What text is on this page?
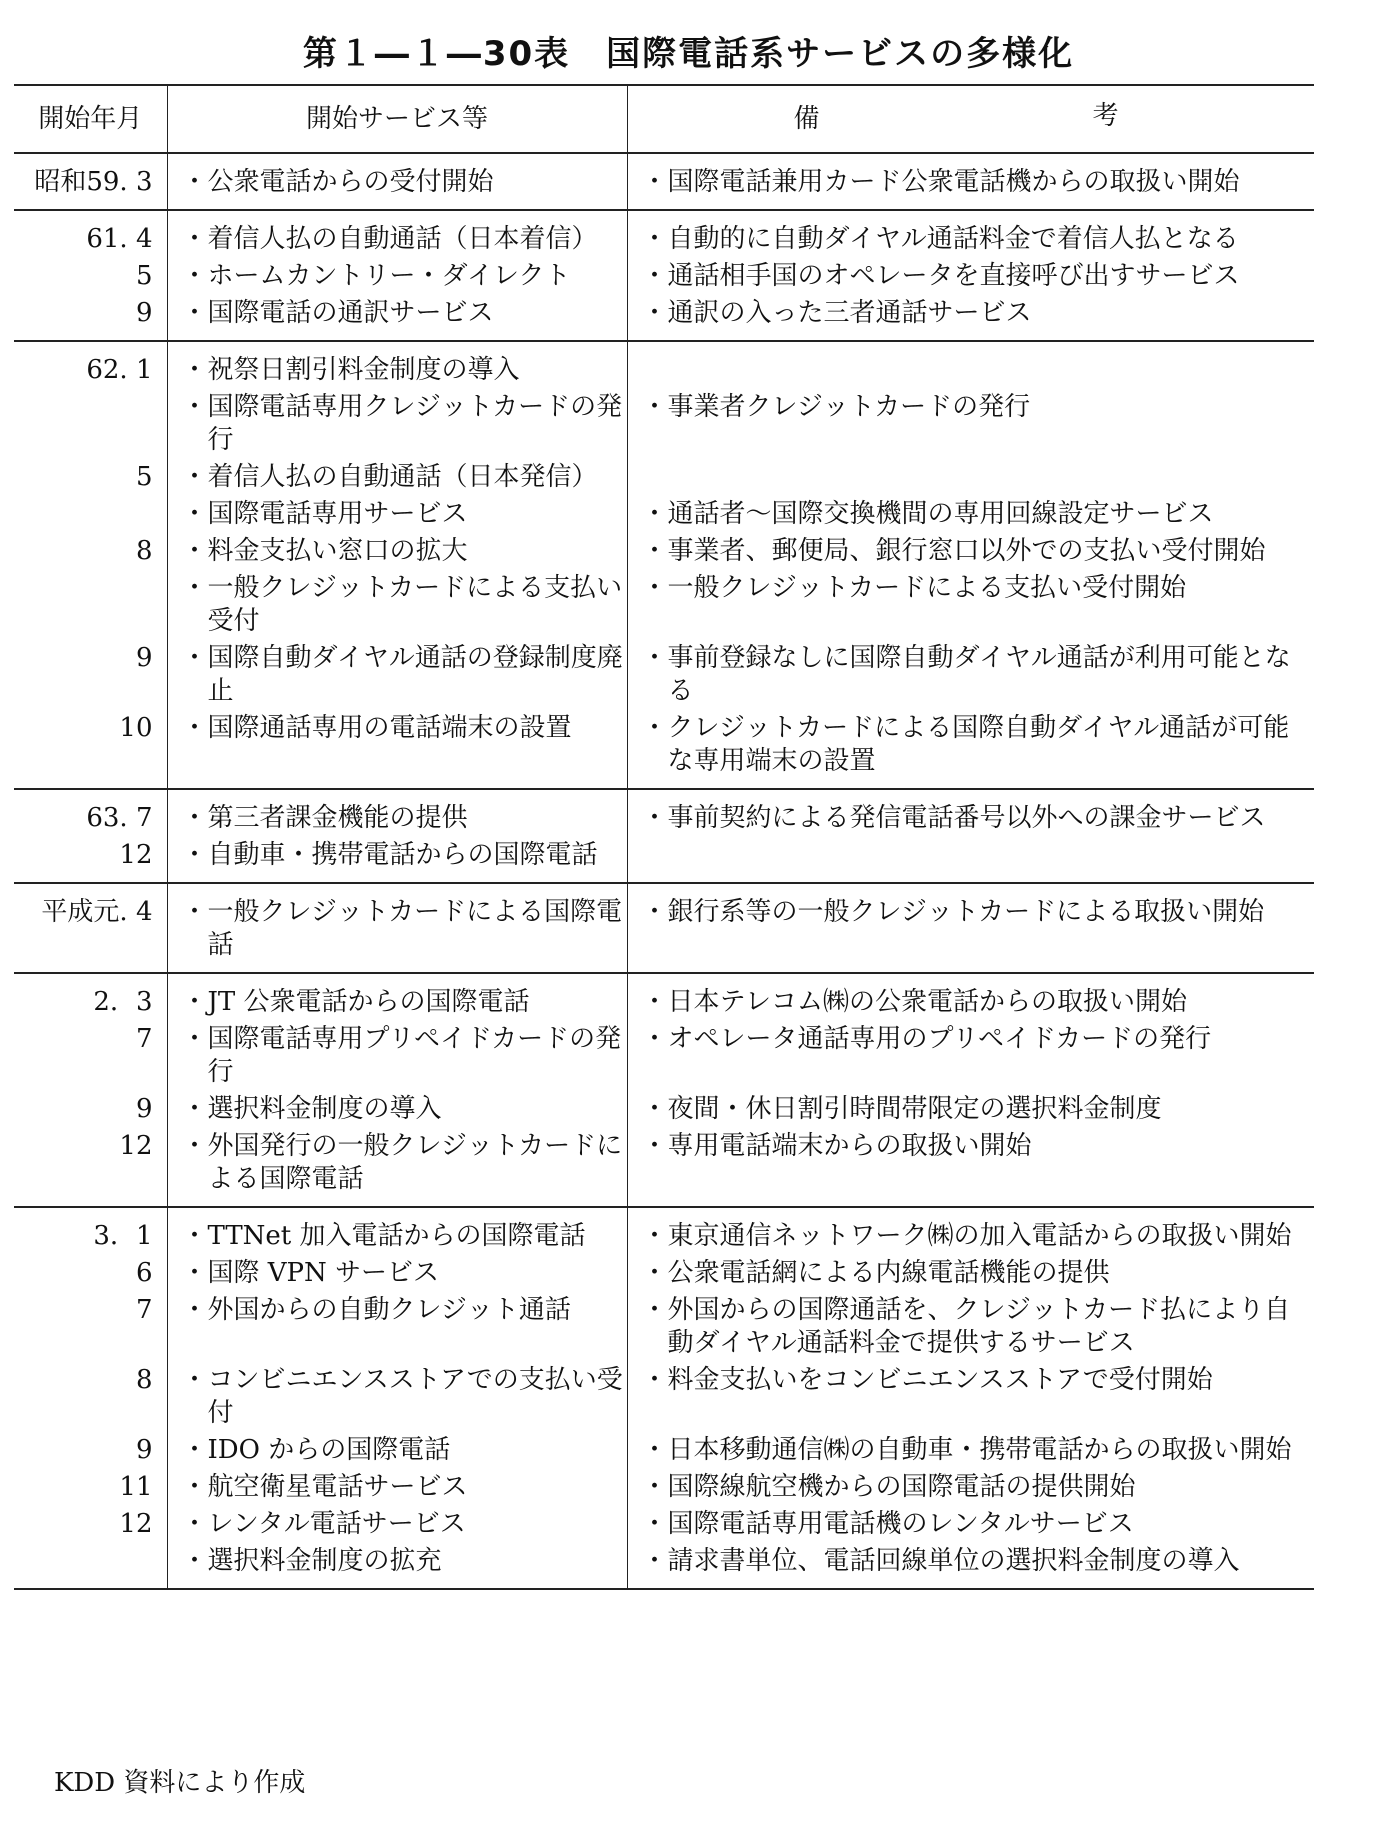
第１―１―30表　国際電話系サービスの多様化
開始年月	開始サービス等	備 考

昭和59. 3	・ 公衆電話からの受付開始	・ 国際電話兼用カード公衆電話機からの取扱い開始

61. 4	・ 着信人払の自動通話（日本着信）	・ 自動的に自動ダイヤル通話料金で着信人払となる

5	・ ホームカントリー・ダイレクト	・ 通話相手国のオペレータを直接呼び出すサービス

9	・ 国際電話の通訳サービス	・ 通訳の入った三者通話サービス

62. 1	・ 祝祭日割引料金制度の導入	

	・ 国際電話専用クレジットカードの発行	・ 事業者クレジットカードの発行

5	・ 着信人払の自動通話（日本発信）	

	・ 国際電話専用サービス	・ 通話者～国際交換機間の専用回線設定サービス

8	・ 料金支払い窓口の拡大	・ 事業者、郵便局、銀行窓口以外での支払い受付開始

	・ 一般クレジットカードによる支払い受付	・ 一般クレジットカードによる支払い受付開始

9	・ 国際自動ダイヤル通話の登録制度廃止	・ 事前登録なしに国際自動ダイヤル通話が利用可能となる

10	・ 国際通話専用の電話端末の設置	・ クレジットカードによる国際自動ダイヤル通話が可能な専用端末の設置

63. 7	・ 第三者課金機能の提供	・ 事前契約による発信電話番号以外への課金サービス

12	・ 自動車・携帯電話からの国際電話	

平成元. 4	・ 一般クレジットカードによる国際電話	・ 銀行系等の一般クレジットカードによる取扱い開始

2．3	・ JT 公衆電話からの国際電話	・ 日本テレコム㈱の公衆電話からの取扱い開始

7	・ 国際電話専用プリペイドカードの発行	・ オペレータ通話専用のプリペイドカードの発行

9	・ 選択料金制度の導入	・ 夜間・休日割引時間帯限定の選択料金制度

12	・ 外国発行の一般クレジットカードによる国際電話	・ 専用電話端末からの取扱い開始

3．1	・ TTNet 加入電話からの国際電話	・ 東京通信ネットワーク㈱の加入電話からの取扱い開始

6	・ 国際 VPN サービス	・ 公衆電話網による内線電話機能の提供

7	・ 外国からの自動クレジット通話	・ 外国からの国際通話を、クレジットカード払により自動ダイヤル通話料金で提供するサービス

8	・ コンビニエンスストアでの支払い受付	・ 料金支払いをコンビニエンスストアで受付開始

9	・ IDO からの国際電話	・ 日本移動通信㈱の自動車・携帯電話からの取扱い開始

11	・ 航空衛星電話サービス	・ 国際線航空機からの国際電話の提供開始

12	・ レンタル電話サービス	・ 国際電話専用電話機のレンタルサービス

	・ 選択料金制度の拡充	・ 請求書単位、電話回線単位の選択料金制度の導入
KDD 資料により作成
